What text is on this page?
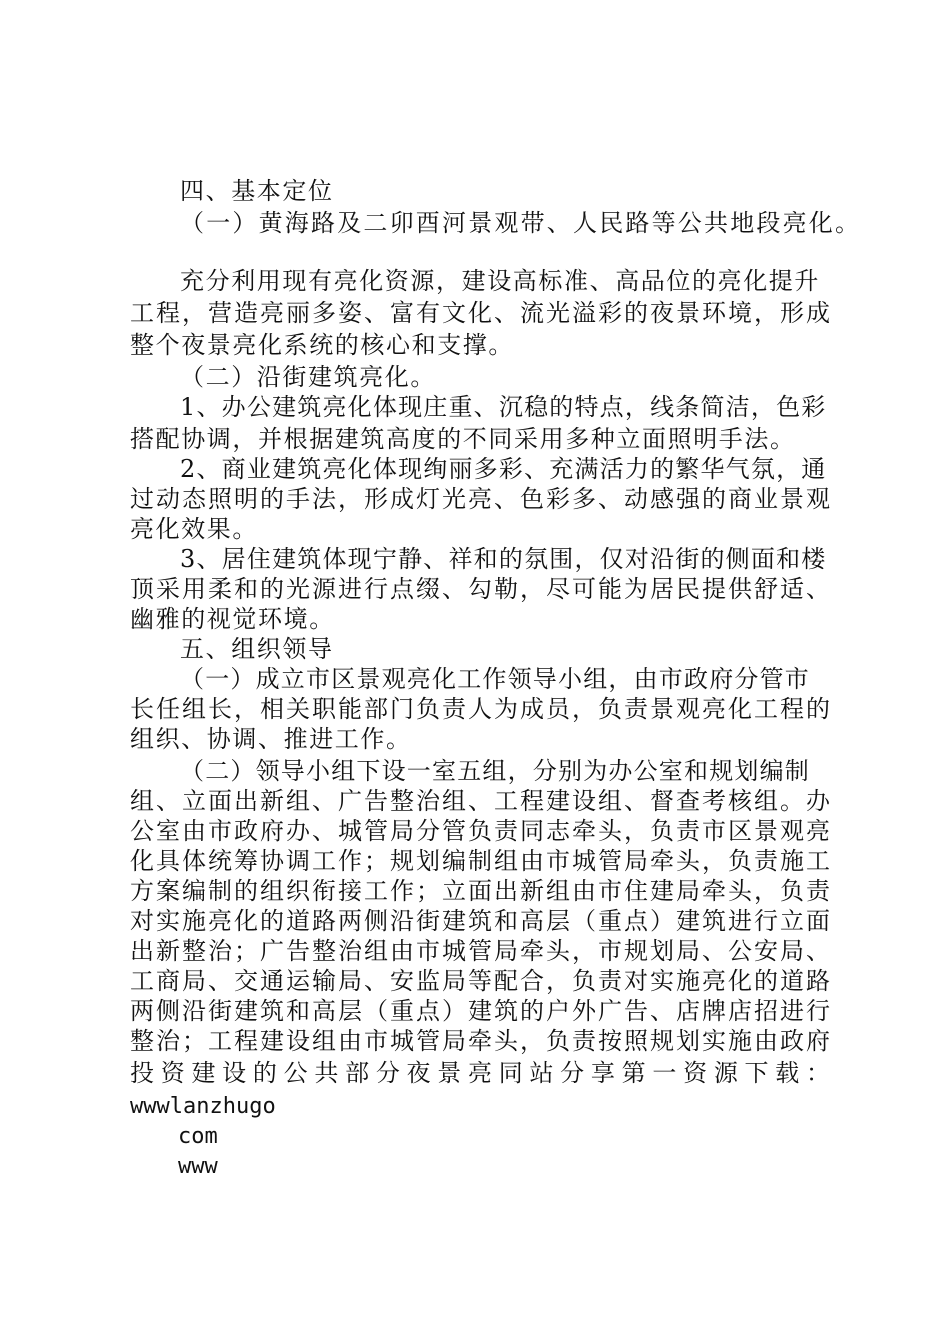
四、基本定位
（一）黄海路及二卯酉河景观带、人民路等公共地段亮化。
充分利用现有亮化资源，建设高标准、高品位的亮化提升
工程，营造亮丽多姿、富有文化、流光溢彩的夜景环境，形成
整个夜景亮化系统的核心和支撑。
（二）沿街建筑亮化。
1、办公建筑亮化体现庄重、沉稳的特点，线条简洁，色彩
搭配协调，并根据建筑高度的不同采用多种立面照明手法。
2、商业建筑亮化体现绚丽多彩、充满活力的繁华气氛，通
过动态照明的手法，形成灯光亮、色彩多、动感强的商业景观
亮化效果。
3、居住建筑体现宁静、祥和的氛围，仅对沿街的侧面和楼
顶采用柔和的光源进行点缀、勾勒，尽可能为居民提供舒适、
幽雅的视觉环境。
五、组织领导
（一）成立市区景观亮化工作领导小组，由市政府分管市
长任组长，相关职能部门负责人为成员，负责景观亮化工程的
组织、协调、推进工作。
（二）领导小组下设一室五组，分别为办公室和规划编制
组、立面出新组、广告整治组、工程建设组、督查考核组。办
公室由市政府办、城管局分管负责同志牵头，负责市区景观亮
化具体统筹协调工作；规划编制组由市城管局牵头，负责施工
方案编制的组织衔接工作；立面出新组由市住建局牵头，负责
对实施亮化的道路两侧沿街建筑和高层（重点）建筑进行立面
出新整治；广告整治组由市城管局牵头，市规划局、公安局、
工商局、交通运输局、安监局等配合，负责对实施亮化的道路
两侧沿街建筑和高层（重点）建筑的户外广告、店牌店招进行
整治；工程建设组由市城管局牵头，负责按照规划实施由政府
投资建设的公共部分夜景亮同站分享第一资源下载：
wwwlanzhugo
com
www
